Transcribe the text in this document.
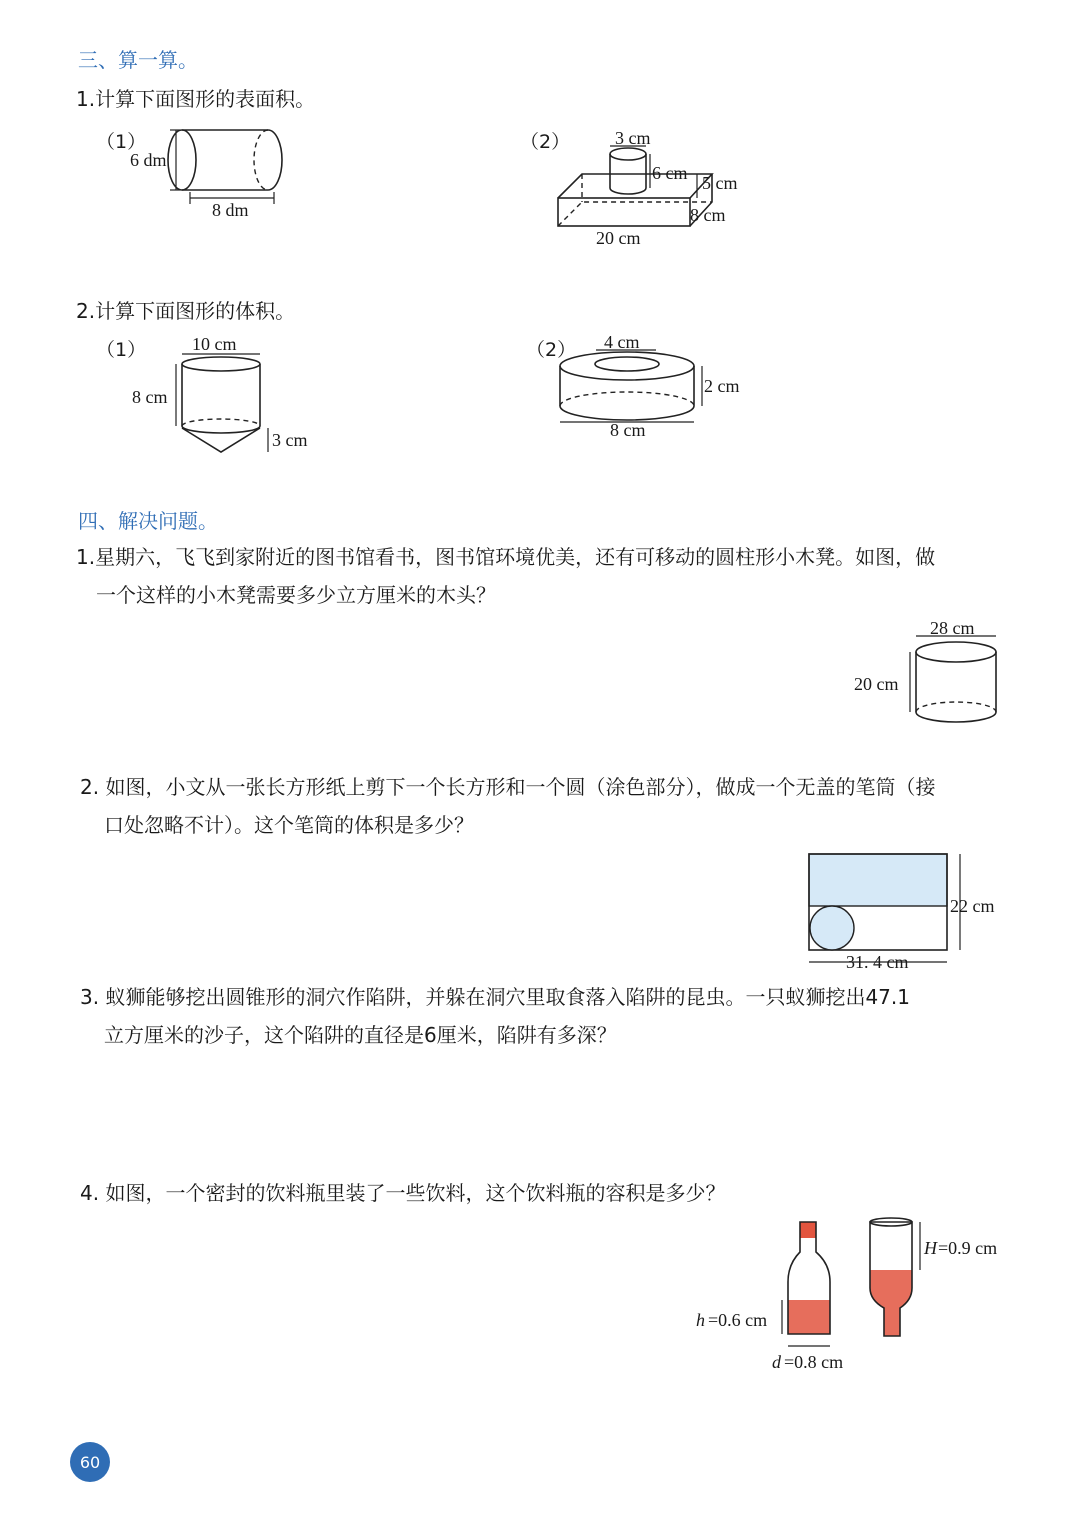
三、算一算。
1.计算下面图形的表面积。
（1）
6 dm
8 dm
（2） 3 cm
6 cm 5 cm
8 cm
20 cm
2.计算下面图形的体积。
（1）	10 cm
8 cm
3 cm
（2） 4 cm
2 cm
8 cm
四、解决问题。
1.星期六，飞飞到家附近的图书馆看书，图书馆环境优美，还有可移动的圆柱形小木凳。如图，做
一个这样的小木凳需要多少立方厘米的木头？
28 cm
20 cm
2. 如图，小文从一张长方形纸上剪下一个长方形和一个圆（涂色部分），做成一个无盖的笔筒（接
口处忽略不计）。这个笔筒的体积是多少？
22 cm
31. 4 cm
3. 蚁狮能够挖出圆锥形的洞穴作陷阱，并躲在洞穴里取食落入陷阱的昆虫。一只蚁狮挖出47.1
立方厘米的沙子，这个陷阱的直径是6厘米，陷阱有多深？
4. 如图，一个密封的饮料瓶里装了一些饮料，这个饮料瓶的容积是多少？
h =0.6 cm
d =0.8 cm
H =0.9 cm
60
